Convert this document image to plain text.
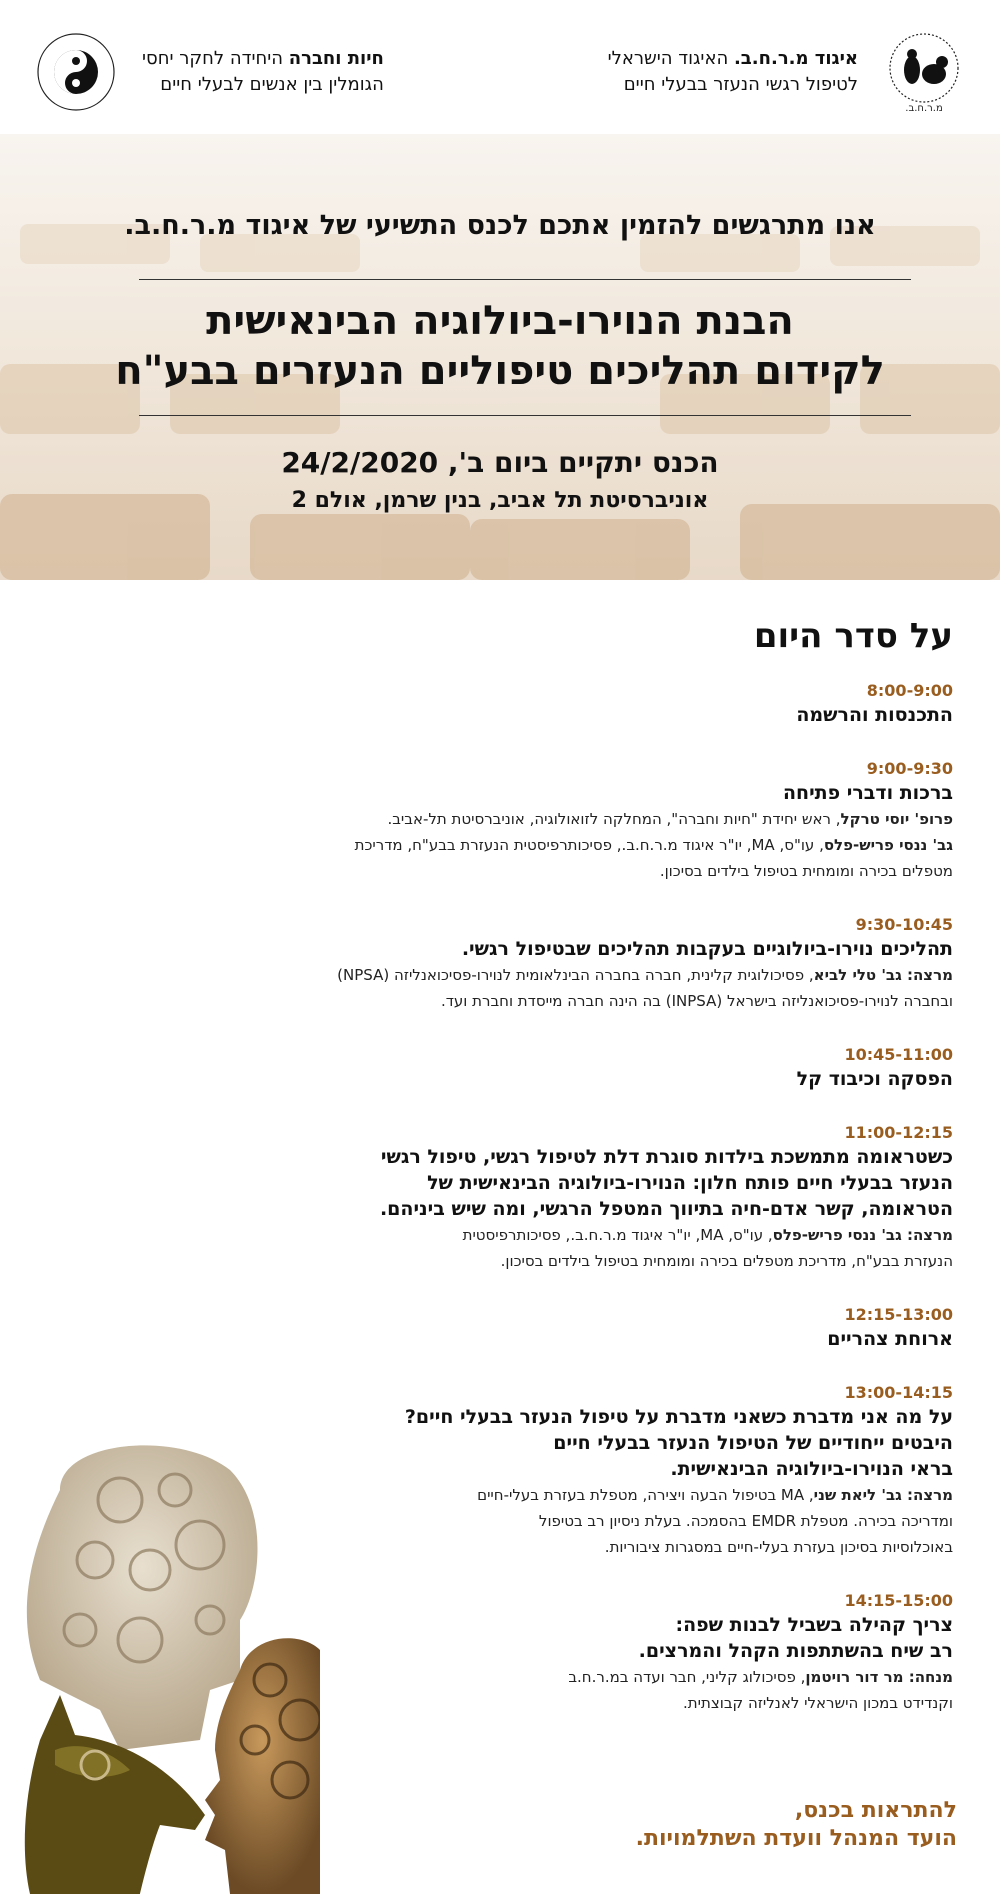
מ.ר.ח.ב.
איגוד מ.ר.ח.ב. האיגוד הישראלי
לטיפול רגשי הנעזר בבעלי חיים
חיות וחברה היחידה לחקר יחסי
הגומלין בין אנשים לבעלי חיים
אנו מתרגשים להזמין אתכם לכנס התשיעי של איגוד מ.ר.ח.ב.
הבנת הנוירו-ביולוגיה הבינאישית
לקידום תהליכים טיפוליים הנעזרים בבע"ח
הכנס יתקיים ביום ב', 24/2/2020
אוניברסיטת תל אביב, בנין שרמן, אולם 2
על סדר היום
8:00-9:00
התכנסות והרשמה
9:00-9:30
ברכות ודברי פתיחה
פרופ' יוסי טרקל, ראש יחידת "חיות וחברה", המחלקה לזואולוגיה, אוניברסיטת תל-אביב.
גב' ננסי פריש-פלס, עו"ס, MA, יו"ר איגוד מ.ר.ח.ב., פסיכותרפיסטית הנעזרת בבע"ח, מדריכת
מטפלים בכירה ומומחית בטיפול בילדים בסיכון.
9:30-10:45
תהליכים נוירו-ביולוגיים בעקבות תהליכים שבטיפול רגשי.
מרצה: גב' טלי לביא, פסיכולוגית קלינית, חברה בחברה הבינלאומית לנוירו-פסיכואנליזה (NPSA)
ובחברה לנוירו-פסיכואנליזה בישראל (INPSA) בה הינה חברה מייסדת וחברת ועד.
10:45-11:00
הפסקה וכיבוד קל
11:00-12:15
כשטראומה מתמשכת בילדות סוגרת דלת לטיפול רגשי, טיפול רגשי
הנעזר בבעלי חיים פותח חלון: הנוירו-ביולוגיה הבינאישית של
הטראומה, קשר אדם-חיה בתיווך המטפל הרגשי, ומה שיש ביניהם.
מרצה: גב' ננסי פריש-פלס, עו"ס, MA, יו"ר איגוד מ.ר.ח.ב., פסיכותרפיסטית
הנעזרת בבע"ח, מדריכת מטפלים בכירה ומומחית בטיפול בילדים בסיכון.
12:15-13:00
ארוחת צהריים
13:00-14:15
על מה אני מדברת כשאני מדברת על טיפול הנעזר בבעלי חיים?
היבטים ייחודיים של הטיפול הנעזר בבעלי חיים
בראי הנוירו-ביולוגיה הבינאישית.
מרצה: גב' ליאת שני, MA בטיפול הבעה ויצירה, מטפלת בעזרת בעלי-חיים
ומדריכה בכירה. מטפלת EMDR בהסמכה. בעלת ניסיון רב בטיפול
באוכלוסיות בסיכון בעזרת בעלי-חיים במסגרות ציבוריות.
14:15-15:00
צריך קהילה בשביל לבנות שפה:
רב שיח בהשתתפות הקהל והמרצים.
מנחה: מר דור רויטמן, פסיכולוג קליני, חבר ועדה במ.ר.ח.ב
וקנדידט במכון הישראלי לאנליזה קבוצתית.
להתראות בכנס,
הועד המנהל וועדת השתלמויות.
